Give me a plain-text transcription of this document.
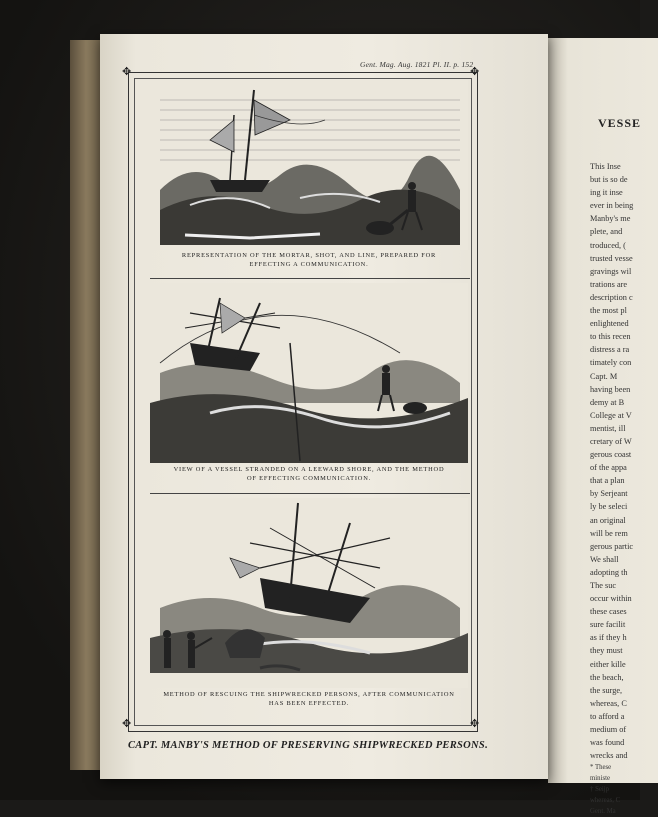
VESSE
This Inse
but is so de
ing it inse
ever in being
Manby's me
plete, and
troduced, (
trusted vesse
gravings wil
trations are
description c
the most pl
enlightened
to this recen
distress a ra
timately con
Capt. M
having been
demy at B
College at V
mentist, ill
cretary of W
gerous coast
of the appa
that a plan
by Serjeant
ly be seleci
an original
will be rem
gerous partic
We shall
adopting th
The suc
occur within
these cases
sure facilit
as if they h
they must
either kille
the beach,
the surge,
whereas, C
to afford a
medium of
was found
wrecks and
* These
ministe
† Seijp
whereas, C
Gent. Ma
Gent. Mag. Aug. 1821 Pl. II. p. 152
✥	✥
✥	✥
REPRESENTATION OF THE MORTAR, SHOT, AND LINE, PREPARED FOR
EFFECTING A COMMUNICATION.
VIEW OF A VESSEL STRANDED ON A LEEWARD SHORE, AND THE METHOD
OF EFFECTING COMMUNICATION.
METHOD OF RESCUING THE SHIPWRECKED PERSONS, AFTER COMMUNICATION
HAS BEEN EFFECTED.
CAPT. MANBY'S METHOD OF PRESERVING SHIPWRECKED PERSONS.
